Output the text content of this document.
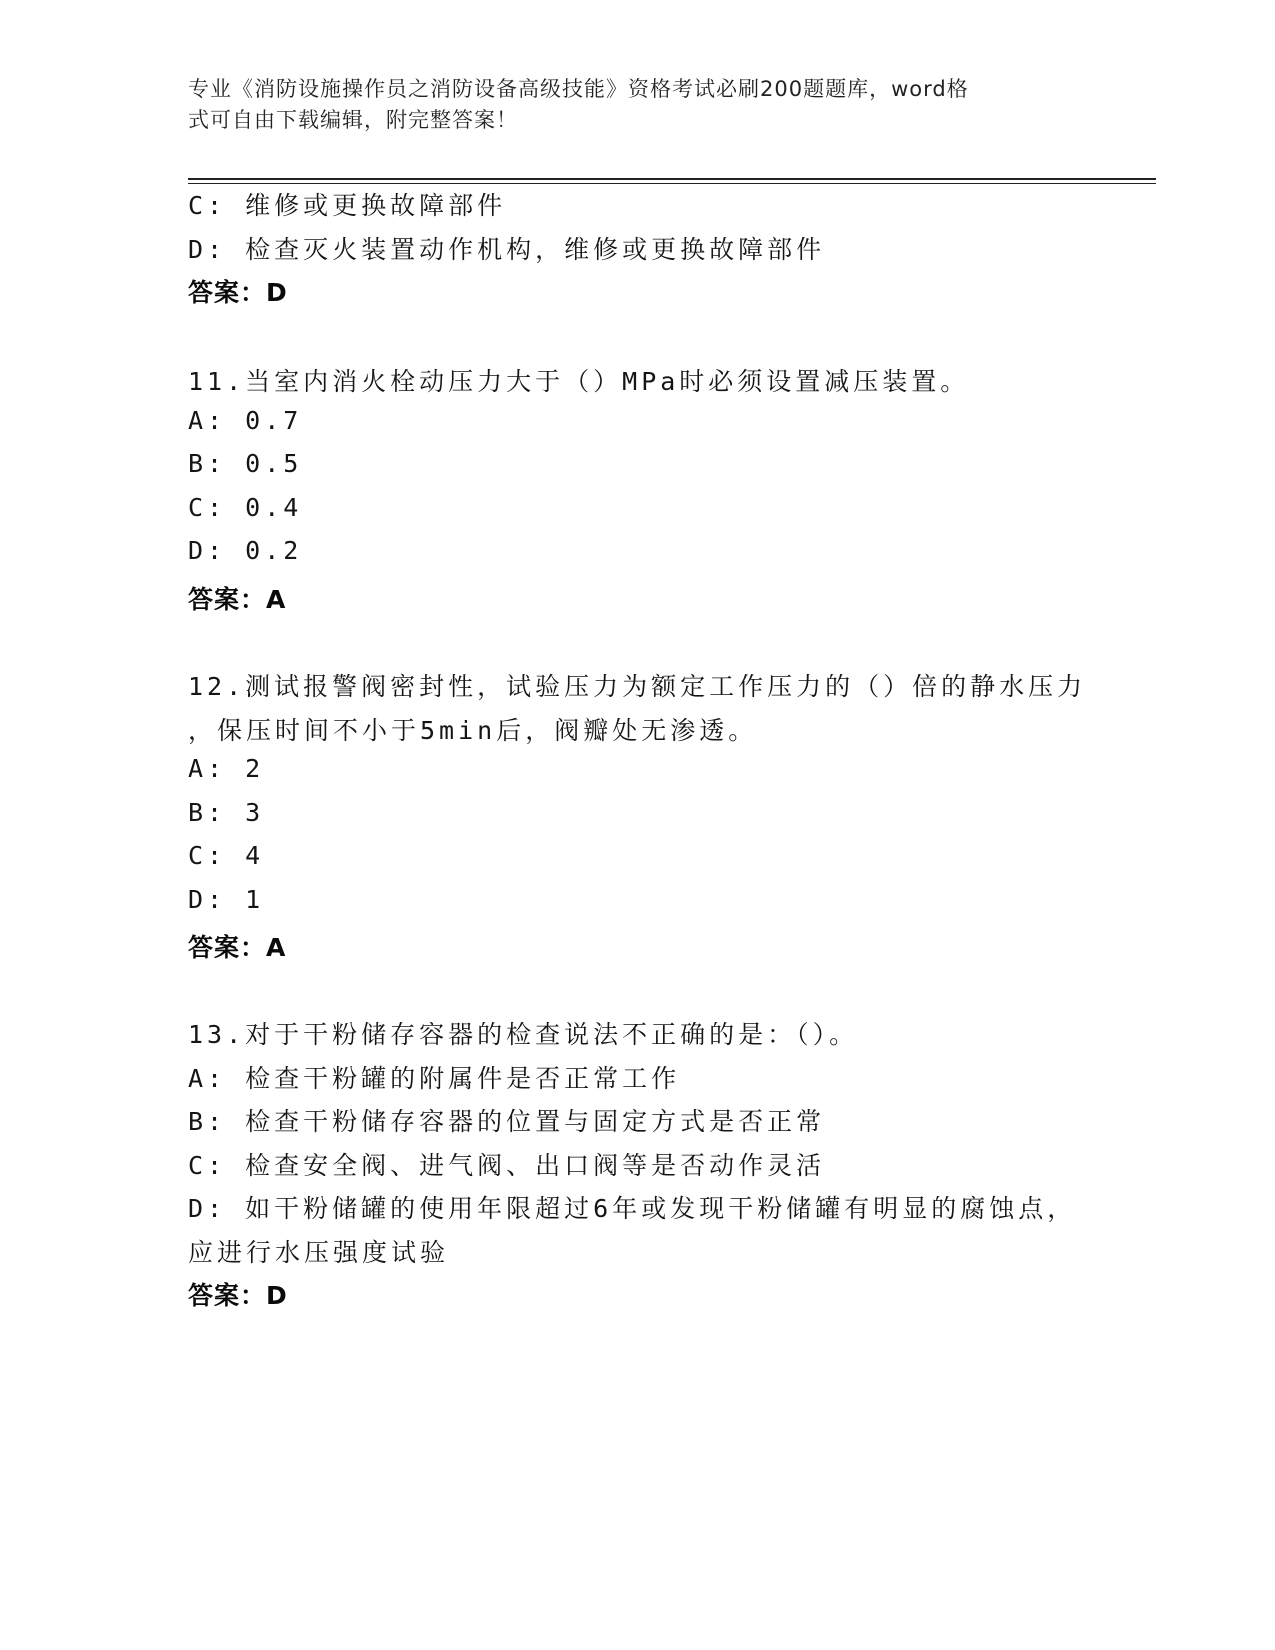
专业《消防设施操作员之消防设备高级技能》资格考试必刷200题题库，word格
式可自由下载编辑，附完整答案！
C: 维修或更换故障部件
D: 检查灭火装置动作机构，维修或更换故障部件
答案：D
11.当室内消火栓动压力大于（）MPa时必须设置减压装置。
A: 0.7
B: 0.5
C: 0.4
D: 0.2
答案：A
12.测试报警阀密封性，试验压力为额定工作压力的（）倍的静水压力
，保压时间不小于5min后，阀瓣处无渗透。
A: 2
B: 3
C: 4
D: 1
答案：A
13.对于干粉储存容器的检查说法不正确的是：（）。
A: 检查干粉罐的附属件是否正常工作
B: 检查干粉储存容器的位置与固定方式是否正常
C: 检查安全阀、进气阀、出口阀等是否动作灵活
D: 如干粉储罐的使用年限超过6年或发现干粉储罐有明显的腐蚀点，
应进行水压强度试验
答案：D
